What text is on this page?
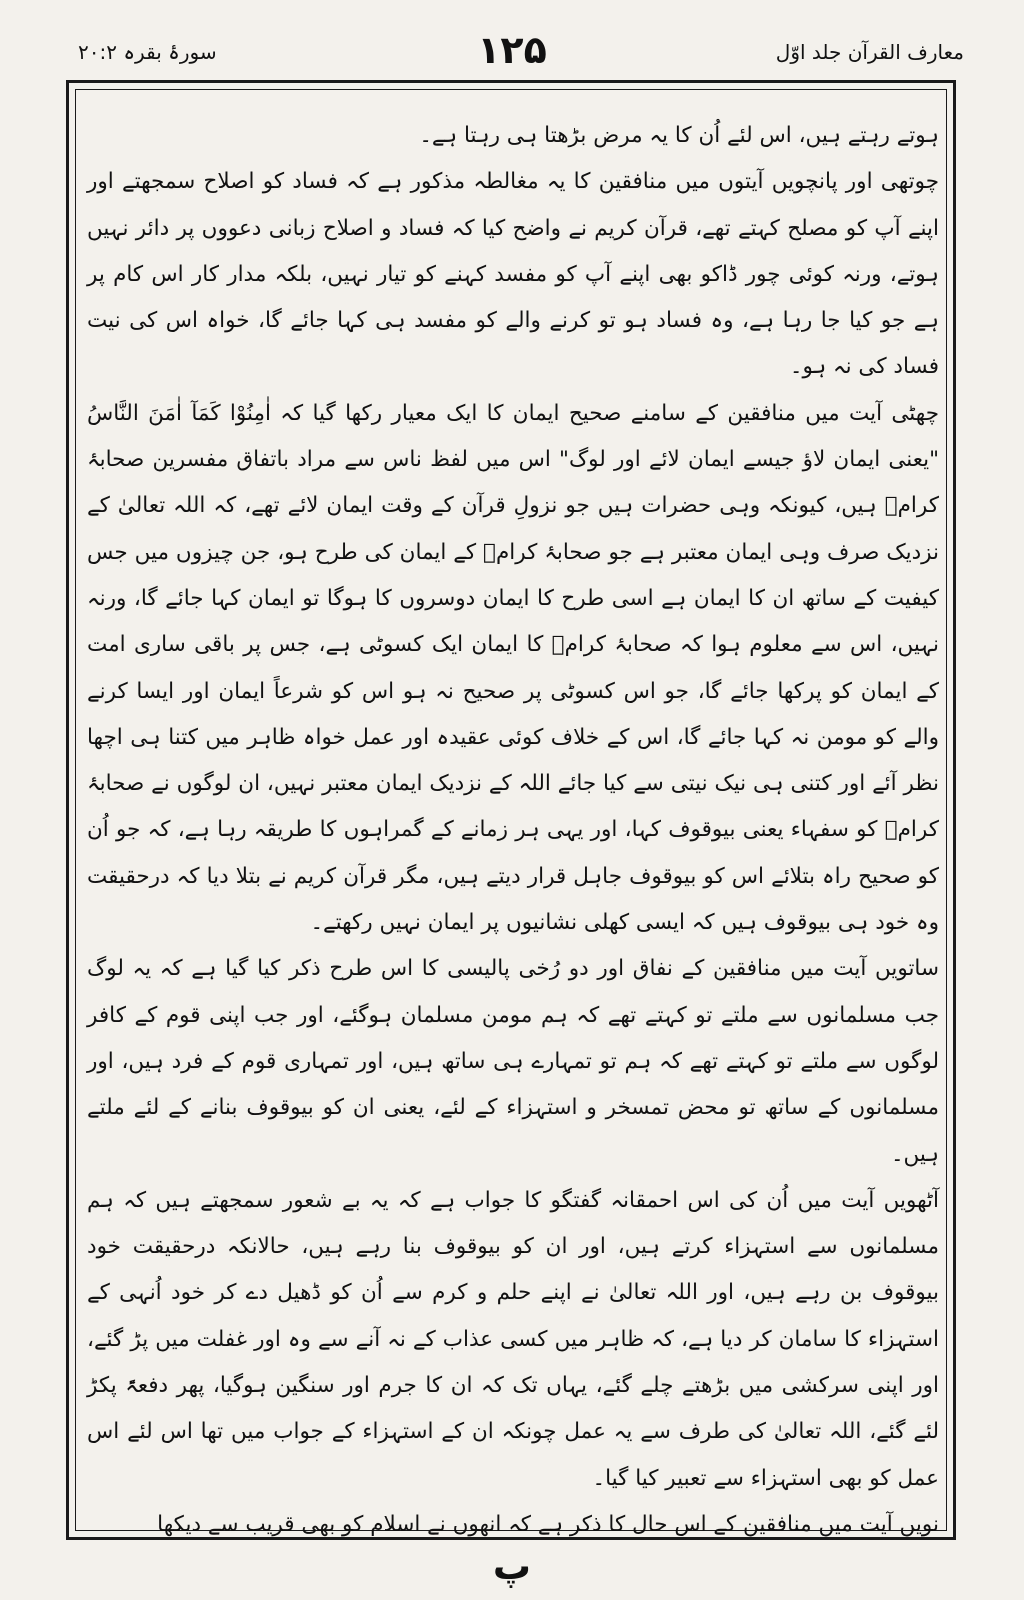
سورۂ بقرہ ۲۰:۲	۱۲۵	معارف القرآن جلد اوّل

ہوتے رہتے ہیں، اس لئے اُن کا یہ مرض بڑھتا ہی رہتا ہے۔

چوتھی اور پانچویں آیتوں میں منافقین کا یہ مغالطہ مذکور ہے کہ فساد کو اصلاح سمجھتے اور اپنے آپ کو مصلح کہتے تھے، قرآن کریم نے واضح کیا کہ فساد و اصلاح زبانی دعووں پر دائر نہیں ہوتے، ورنہ کوئی چور ڈاکو بھی اپنے آپ کو مفسد کہنے کو تیار نہیں، بلکہ مدار کار اس کام پر ہے جو کیا جا رہا ہے، وہ فساد ہو تو کرنے والے کو مفسد ہی کہا جائے گا، خواہ اس کی نیت فساد کی نہ ہو۔

چھٹی آیت میں منافقین کے سامنے صحیح ایمان کا ایک معیار رکھا گیا کہ اٰمِنُوْا کَمَآ اٰمَنَ النَّاسُ "یعنی ایمان لاؤ جیسے ایمان لائے اور لوگ" اس میں لفظ ناس سے مراد باتفاق مفسرین صحابۂ کرامؓ ہیں، کیونکہ وہی حضرات ہیں جو نزولِ قرآن کے وقت ایمان لائے تھے، کہ اللہ تعالیٰ کے نزدیک صرف وہی ایمان معتبر ہے جو صحابۂ کرامؓ کے ایمان کی طرح ہو، جن چیزوں میں جس کیفیت کے ساتھ ان کا ایمان ہے اسی طرح کا ایمان دوسروں کا ہوگا تو ایمان کہا جائے گا، ورنہ نہیں، اس سے معلوم ہوا کہ صحابۂ کرامؓ کا ایمان ایک کسوٹی ہے، جس پر باقی ساری امت کے ایمان کو پرکھا جائے گا، جو اس کسوٹی پر صحیح نہ ہو اس کو شرعاً ایمان اور ایسا کرنے والے کو مومن نہ کہا جائے گا، اس کے خلاف کوئی عقیدہ اور عمل خواہ ظاہر میں کتنا ہی اچھا نظر آئے اور کتنی ہی نیک نیتی سے کیا جائے اللہ کے نزدیک ایمان معتبر نہیں، ان لوگوں نے صحابۂ کرامؓ کو سفہاء یعنی بیوقوف کہا، اور یہی ہر زمانے کے گمراہوں کا طریقہ رہا ہے، کہ جو اُن کو صحیح راہ بتلائے اس کو بیوقوف جاہل قرار دیتے ہیں، مگر قرآن کریم نے بتلا دیا کہ درحقیقت وہ خود ہی بیوقوف ہیں کہ ایسی کھلی نشانیوں پر ایمان نہیں رکھتے۔

ساتویں آیت میں منافقین کے نفاق اور دو رُخی پالیسی کا اس طرح ذکر کیا گیا ہے کہ یہ لوگ جب مسلمانوں سے ملتے تو کہتے تھے کہ ہم مومن مسلمان ہوگئے، اور جب اپنی قوم کے کافر لوگوں سے ملتے تو کہتے تھے کہ ہم تو تمہارے ہی ساتھ ہیں، اور تمہاری قوم کے فرد ہیں، اور مسلمانوں کے ساتھ تو محض تمسخر و استہزاء کے لئے، یعنی ان کو بیوقوف بنانے کے لئے ملتے ہیں۔

آٹھویں آیت میں اُن کی اس احمقانہ گفتگو کا جواب ہے کہ یہ بے شعور سمجھتے ہیں کہ ہم مسلمانوں سے استہزاء کرتے ہیں، اور ان کو بیوقوف بنا رہے ہیں، حالانکہ درحقیقت خود بیوقوف بن رہے ہیں، اور اللہ تعالیٰ نے اپنے حلم و کرم سے اُن کو ڈھیل دے کر خود اُنہی کے استہزاء کا سامان کر دیا ہے، کہ ظاہر میں کسی عذاب کے نہ آنے سے وہ اور غفلت میں پڑ گئے، اور اپنی سرکشی میں بڑھتے چلے گئے، یہاں تک کہ ان کا جرم اور سنگین ہوگیا، پھر دفعۃً پکڑ لئے گئے، اللہ تعالیٰ کی طرف سے یہ عمل چونکہ ان کے استہزاء کے جواب میں تھا اس لئے اس عمل کو بھی استہزاء سے تعبیر کیا گیا۔

نویں آیت میں منافقین کے اس حال کا ذکر ہے کہ انھوں نے اسلام کو بھی قریب سے دیکھا

پ
